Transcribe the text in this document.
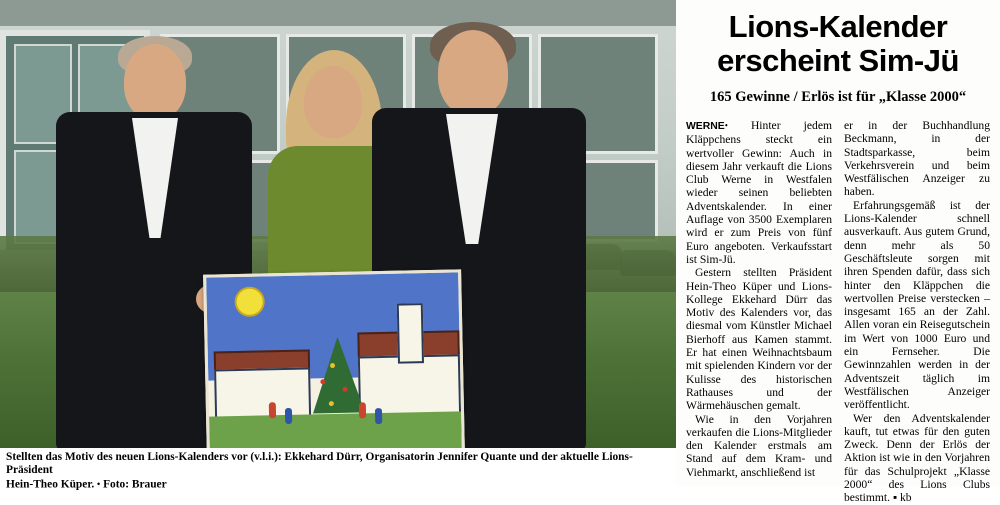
Stellten das Motiv des neuen Lions-Kalenders vor (v.l.i.): Ekkehard Dürr, Organisatorin Jennifer Quante und der aktuelle Lions-Präsident
Hein-Theo Küper. • Foto: Brauer
Lions-Kalender
erscheint Sim-Jü
165 Gewinne / Erlös ist für „Klasse 2000“

WERNE• Hinter jedem Kläppchens steckt ein wertvoller Gewinn: Auch in diesem Jahr verkauft die Lions Club Werne in Westfalen wieder seinen beliebten Adventskalender. In einer Auflage von 3500 Exemplaren wird er zum Preis von fünf Euro angeboten. Verkaufsstart ist Sim-Jü.

Gestern stellten Präsident Hein-Theo Küper und Lions-Kollege Ekkehard Dürr das Motiv des Kalenders vor, das diesmal vom Künstler Michael Bierhoff aus Kamen stammt. Er hat einen Weihnachtsbaum mit spielenden Kindern vor der Kulisse des historischen Rathauses und der Wärmehäuschen gemalt.

Wie in den Vorjahren verkaufen die Lions-Mitglieder den Kalender erstmals am Stand auf dem Kram- und Viehmarkt, anschließend ist

er in der Buchhandlung Beckmann, in der Stadtsparkasse, beim Verkehrsverein und beim Westfälischen Anzeiger zu haben.

Erfahrungsgemäß ist der Lions-Kalender schnell ausverkauft. Aus gutem Grund, denn mehr als 50 Geschäftsleute sorgen mit ihren Spenden dafür, dass sich hinter den Kläppchen die wertvollen Preise verstecken – insgesamt 165 an der Zahl. Allen voran ein Reisegutschein im Wert von 1000 Euro und ein Fernseher. Die Gewinnzahlen werden in der Adventszeit täglich im Westfälischen Anzeiger veröffentlicht.

Wer den Adventskalender kauft, tut etwas für den guten Zweck. Denn der Erlös der Aktion ist wie in den Vorjahren für das Schulprojekt „Klasse 2000“ des Lions Clubs bestimmt. ▪ kb
